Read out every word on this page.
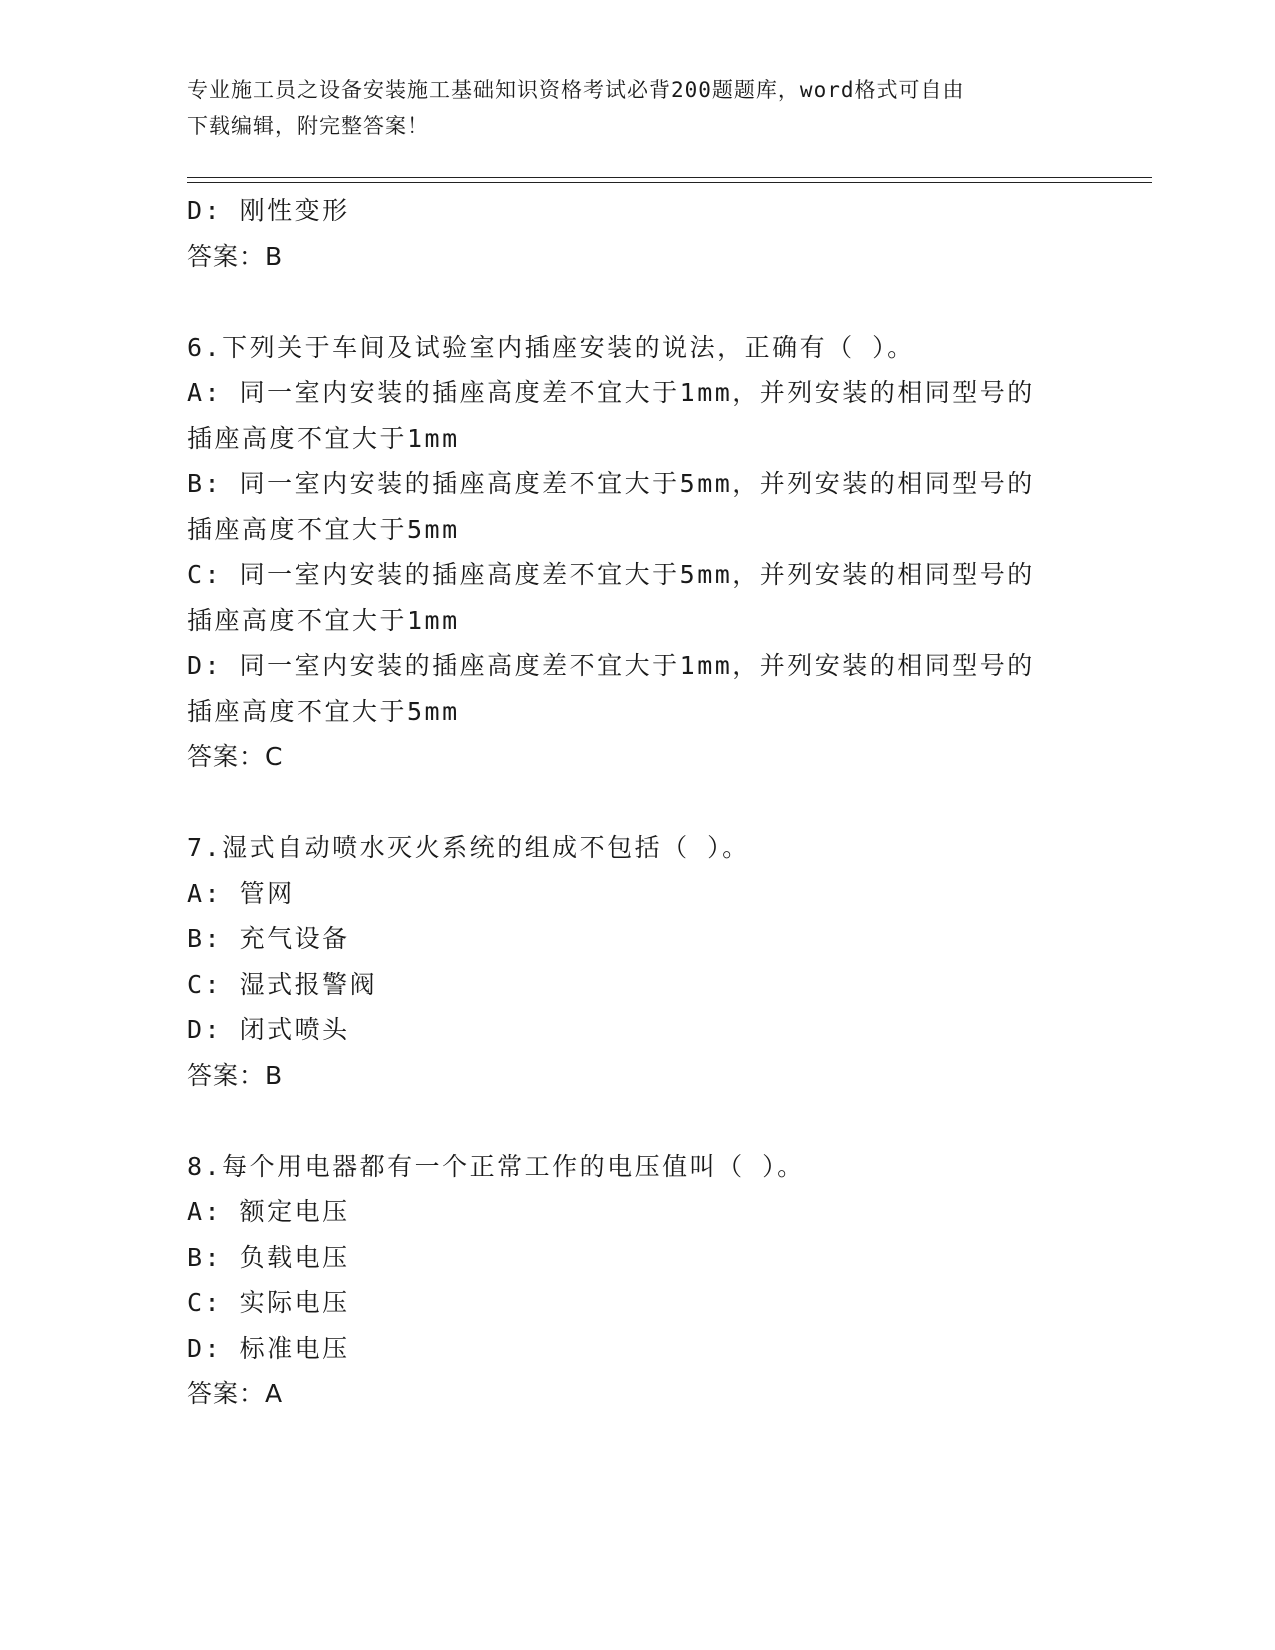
专业施工员之设备安装施工基础知识资格考试必背200题题库，word格式可自由
下载编辑，附完整答案！
D: 刚性变形
答案：B
6.下列关于车间及试验室内插座安装的说法，正确有（ ）。
A: 同一室内安装的插座高度差不宜大于1mm，并列安装的相同型号的
插座高度不宜大于1mm
B: 同一室内安装的插座高度差不宜大于5mm，并列安装的相同型号的
插座高度不宜大于5mm
C: 同一室内安装的插座高度差不宜大于5mm，并列安装的相同型号的
插座高度不宜大于1mm
D: 同一室内安装的插座高度差不宜大于1mm，并列安装的相同型号的
插座高度不宜大于5mm
答案：C
7.湿式自动喷水灭火系统的组成不包括（ ）。
A: 管网
B: 充气设备
C: 湿式报警阀
D: 闭式喷头
答案：B
8.每个用电器都有一个正常工作的电压值叫（ ）。
A: 额定电压
B: 负载电压
C: 实际电压
D: 标准电压
答案：A
